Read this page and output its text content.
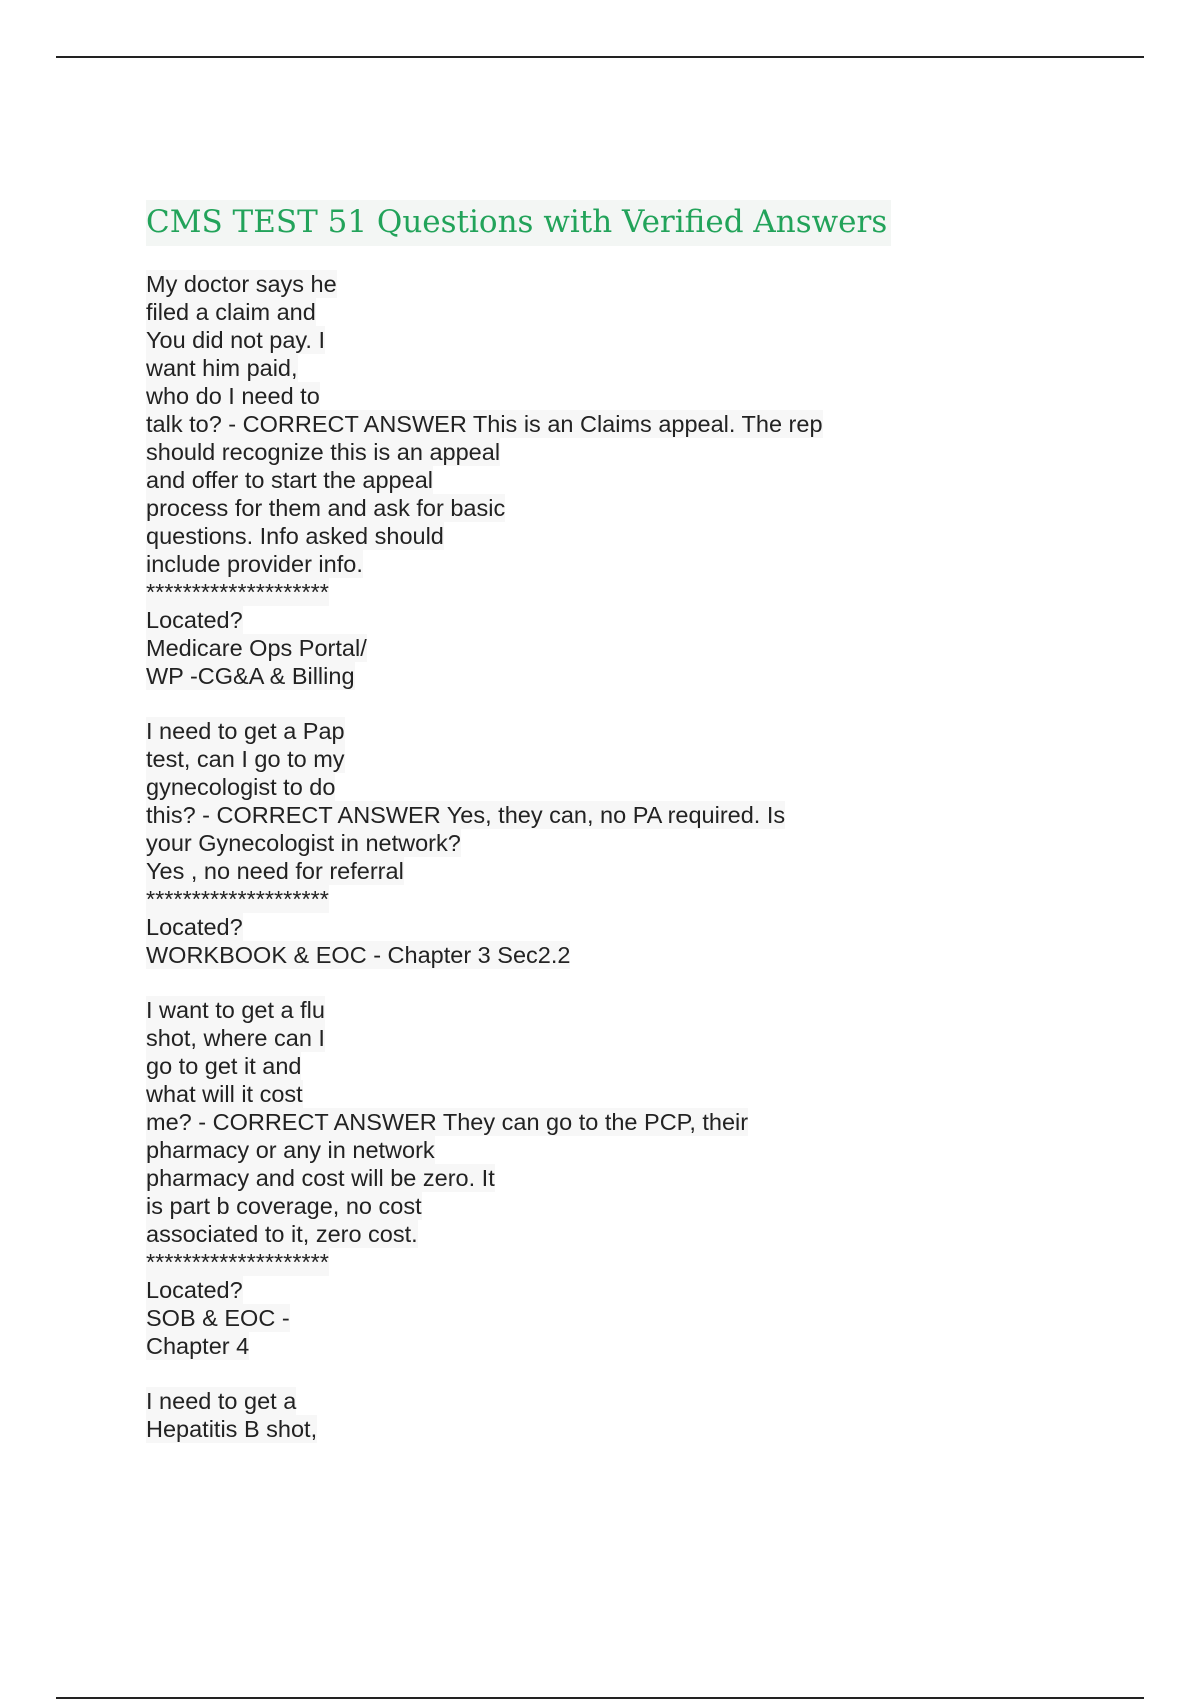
CMS TEST 51 Questions with Verified Answers
My doctor says he
filed a claim and
You did not pay. I
want him paid,
who do I need to
talk to? - CORRECT ANSWER This is an Claims appeal. The rep
should recognize this is an appeal
and offer to start the appeal
process for them and ask for basic
questions. Info asked should
include provider info.
********************
Located?
Medicare Ops Portal/
WP -CG&A & Billing
I need to get a Pap
test, can I go to my
gynecologist to do
this? - CORRECT ANSWER Yes, they can, no PA required. Is
your Gynecologist in network?
Yes , no need for referral
********************
Located?
WORKBOOK & EOC - Chapter 3 Sec2.2
I want to get a flu
shot, where can I
go to get it and
what will it cost
me? - CORRECT ANSWER They can go to the PCP, their
pharmacy or any in network
pharmacy and cost will be zero. It
is part b coverage, no cost
associated to it, zero cost.
********************
Located?
SOB & EOC -
Chapter 4
I need to get a
Hepatitis B shot,
